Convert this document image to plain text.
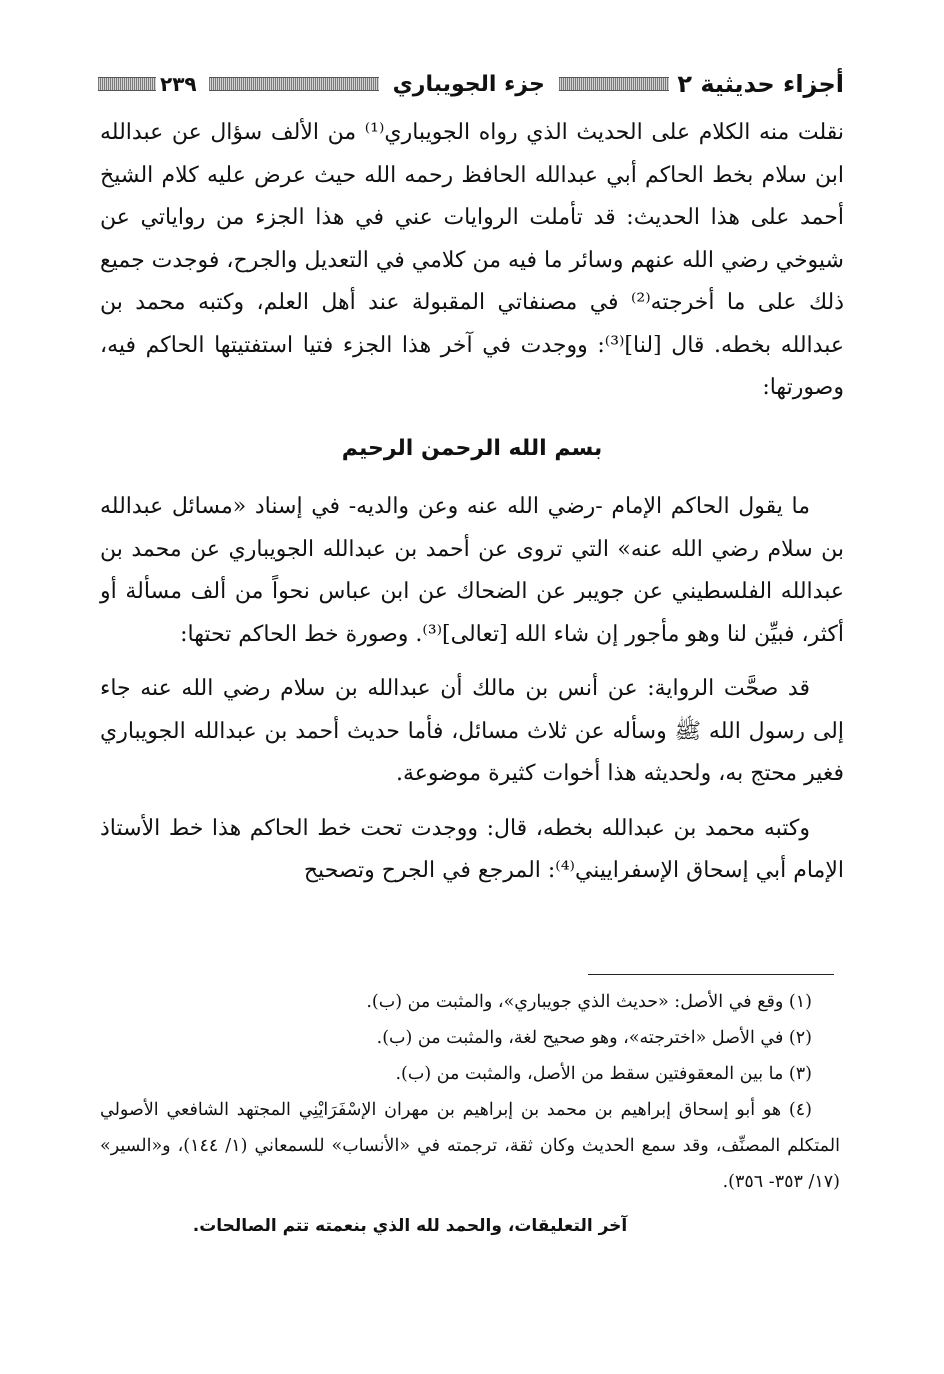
أجزاء حديثية ٢
جزء الجويباري
٢٣٩

نقلت منه الكلام على الحديث الذي رواه الجويباري⁽¹⁾ من الألف سؤال عن عبدالله ابن سلام بخط الحاكم أبي عبدالله الحافظ رحمه الله حيث عرض عليه كلام الشيخ أحمد على هذا الحديث: قد تأملت الروايات عني في هذا الجزء من رواياتي عن شيوخي رضي الله عنهم وسائر ما فيه من كلامي في التعديل والجرح، فوجدت جميع ذلك على ما أخرجته⁽²⁾ في مصنفاتي المقبولة عند أهل العلم، وكتبه محمد بن عبدالله بخطه. قال [لنا]⁽³⁾: ووجدت في آخر هذا الجزء فتيا استفتيتها الحاكم فيه، وصورتها:

بسم الله الرحمن الرحيم

ما يقول الحاكم الإمام -رضي الله عنه وعن والديه- في إسناد «مسائل عبدالله بن سلام رضي الله عنه» التي تروى عن أحمد بن عبدالله الجويباري عن محمد بن عبدالله الفلسطيني عن جويبر عن الضحاك عن ابن عباس نحواً من ألف مسألة أو أكثر، فبيِّن لنا وهو مأجور إن شاء الله [تعالى]⁽³⁾. وصورة خط الحاكم تحتها:

قد صحَّت الرواية: عن أنس بن مالك أن عبدالله بن سلام رضي الله عنه جاء إلى رسول الله ﷺ وسأله عن ثلاث مسائل، فأما حديث أحمد بن عبدالله الجويباري فغير محتج به، ولحديثه هذا أخوات كثيرة موضوعة.

وكتبه محمد بن عبدالله بخطه، قال: ووجدت تحت خط الحاكم هذا خط الأستاذ الإمام أبي إسحاق الإسفراييني⁽⁴⁾: المرجع في الجرح وتصحيح

(١) وقع في الأصل: «حديث الذي جويباري»، والمثبت من (ب).

(٢) في الأصل «اخترجته»، وهو صحيح لغة، والمثبت من (ب).

(٣) ما بين المعقوفتين سقط من الأصل، والمثبت من (ب).

(٤) هو أبو إسحاق إبراهيم بن محمد بن إبراهيم بن مهران الإسْفَرَايْنِي المجتهد الشافعي الأصولي المتكلم المصنِّف، وقد سمع الحديث وكان ثقة، ترجمته في «الأنساب» للسمعاني (١/ ١٤٤)، و«السير» (١٧/ ٣٥٣- ٣٥٦).

آخر التعليقات، والحمد لله الذي بنعمته تتم الصالحات.
